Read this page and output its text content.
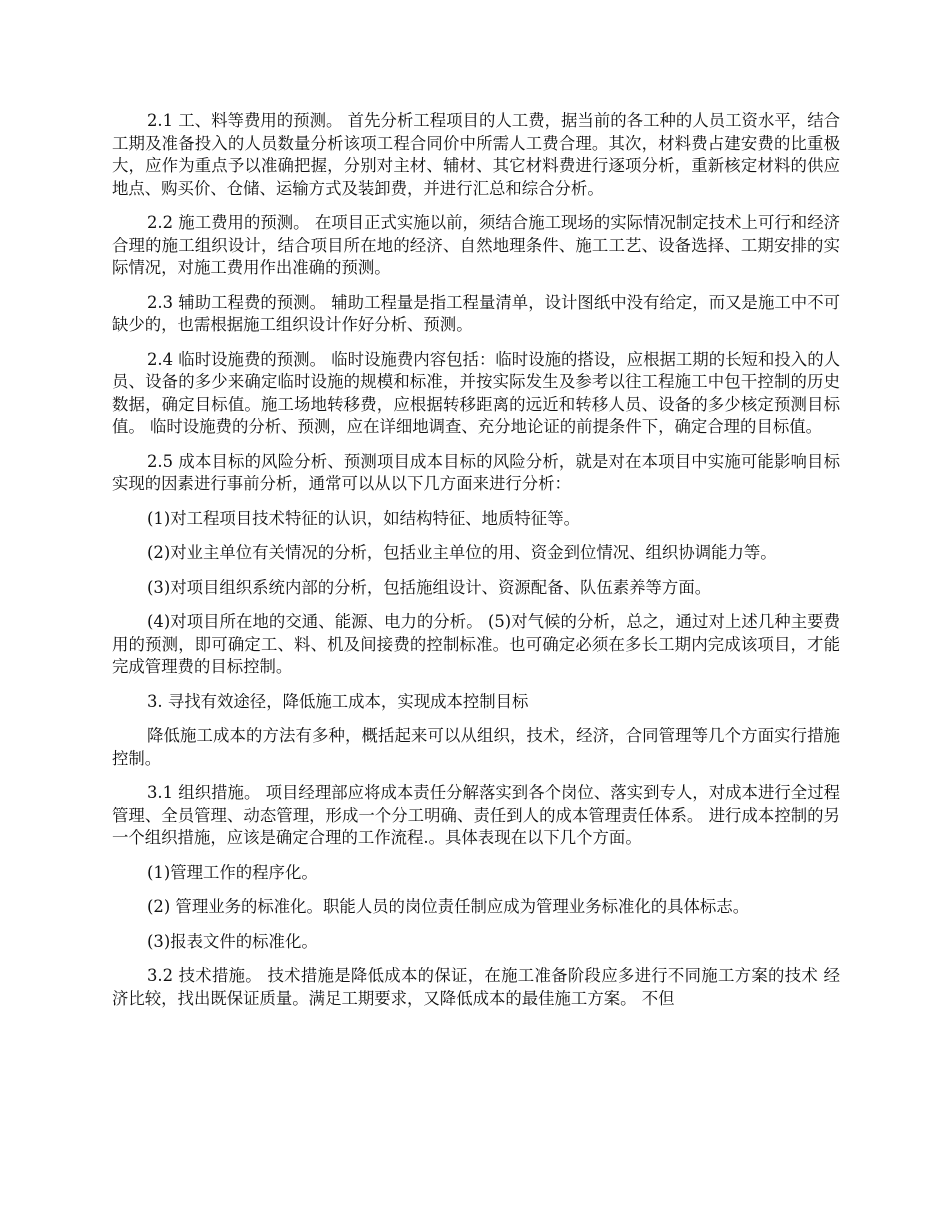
2.1 工、料等费用的预测。 首先分析工程项目的人工费，据当前的各工种的人员工资水平，结合工期及准备投入的人员数量分析该项工程合同价中所需人工费合理。其次，材料费占建安费的比重极大，应作为重点予以准确把握，分别对主材、辅材、其它材料费进行逐项分析，重新核定材料的供应地点、购买价、仓储、运输方式及装卸费，并进行汇总和综合分析。

2.2 施工费用的预测。 在项目正式实施以前，须结合施工现场的实际情况制定技术上可行和经济合理的施工组织设计，结合项目所在地的经济、自然地理条件、施工工艺、设备选择、工期安排的实际情况，对施工费用作出准确的预测。

2.3 辅助工程费的预测。 辅助工程量是指工程量清单，设计图纸中没有给定，而又是施工中不可缺少的，也需根据施工组织设计作好分析、预测。

2.4 临时设施费的预测。 临时设施费内容包括：临时设施的搭设，应根据工期的长短和投入的人员、设备的多少来确定临时设施的规模和标准，并按实际发生及参考以往工程施工中包干控制的历史数据，确定目标值。施工场地转移费，应根据转移距离的远近和转移人员、设备的多少核定预测目标值。 临时设施费的分析、预测，应在详细地调查、充分地论证的前提条件下，确定合理的目标值。

2.5 成本目标的风险分析、预测项目成本目标的风险分析，就是对在本项目中实施可能影响目标实现的因素进行事前分析，通常可以从以下几方面来进行分析：

(1)对工程项目技术特征的认识，如结构特征、地质特征等。

(2)对业主单位有关情况的分析，包括业主单位的用、资金到位情况、组织协调能力等。

(3)对项目组织系统内部的分析，包括施组设计、资源配备、队伍素养等方面。

(4)对项目所在地的交通、能源、电力的分析。 (5)对气候的分析，总之，通过对上述几种主要费用的预测，即可确定工、料、机及间接费的控制标准。也可确定必须在多长工期内完成该项目，才能完成管理费的目标控制。

3. 寻找有效途径，降低施工成本，实现成本控制目标

降低施工成本的方法有多种，概括起来可以从组织，技术，经济，合同管理等几个方面实行措施控制。

3.1 组织措施。 项目经理部应将成本责任分解落实到各个岗位、落实到专人，对成本进行全过程管理、全员管理、动态管理，形成一个分工明确、责任到人的成本管理责任体系。 进行成本控制的另一个组织措施，应该是确定合理的工作流程.。具体表现在以下几个方面。

(1)管理工作的程序化。

(2) 管理业务的标准化。职能人员的岗位责任制应成为管理业务标准化的具体标志。

(3)报表文件的标准化。

3.2 技术措施。 技术措施是降低成本的保证，在施工准备阶段应多进行不同施工方案的技术 经济比较，找出既保证质量。满足工期要求，又降低成本的最佳施工方案。 不但
